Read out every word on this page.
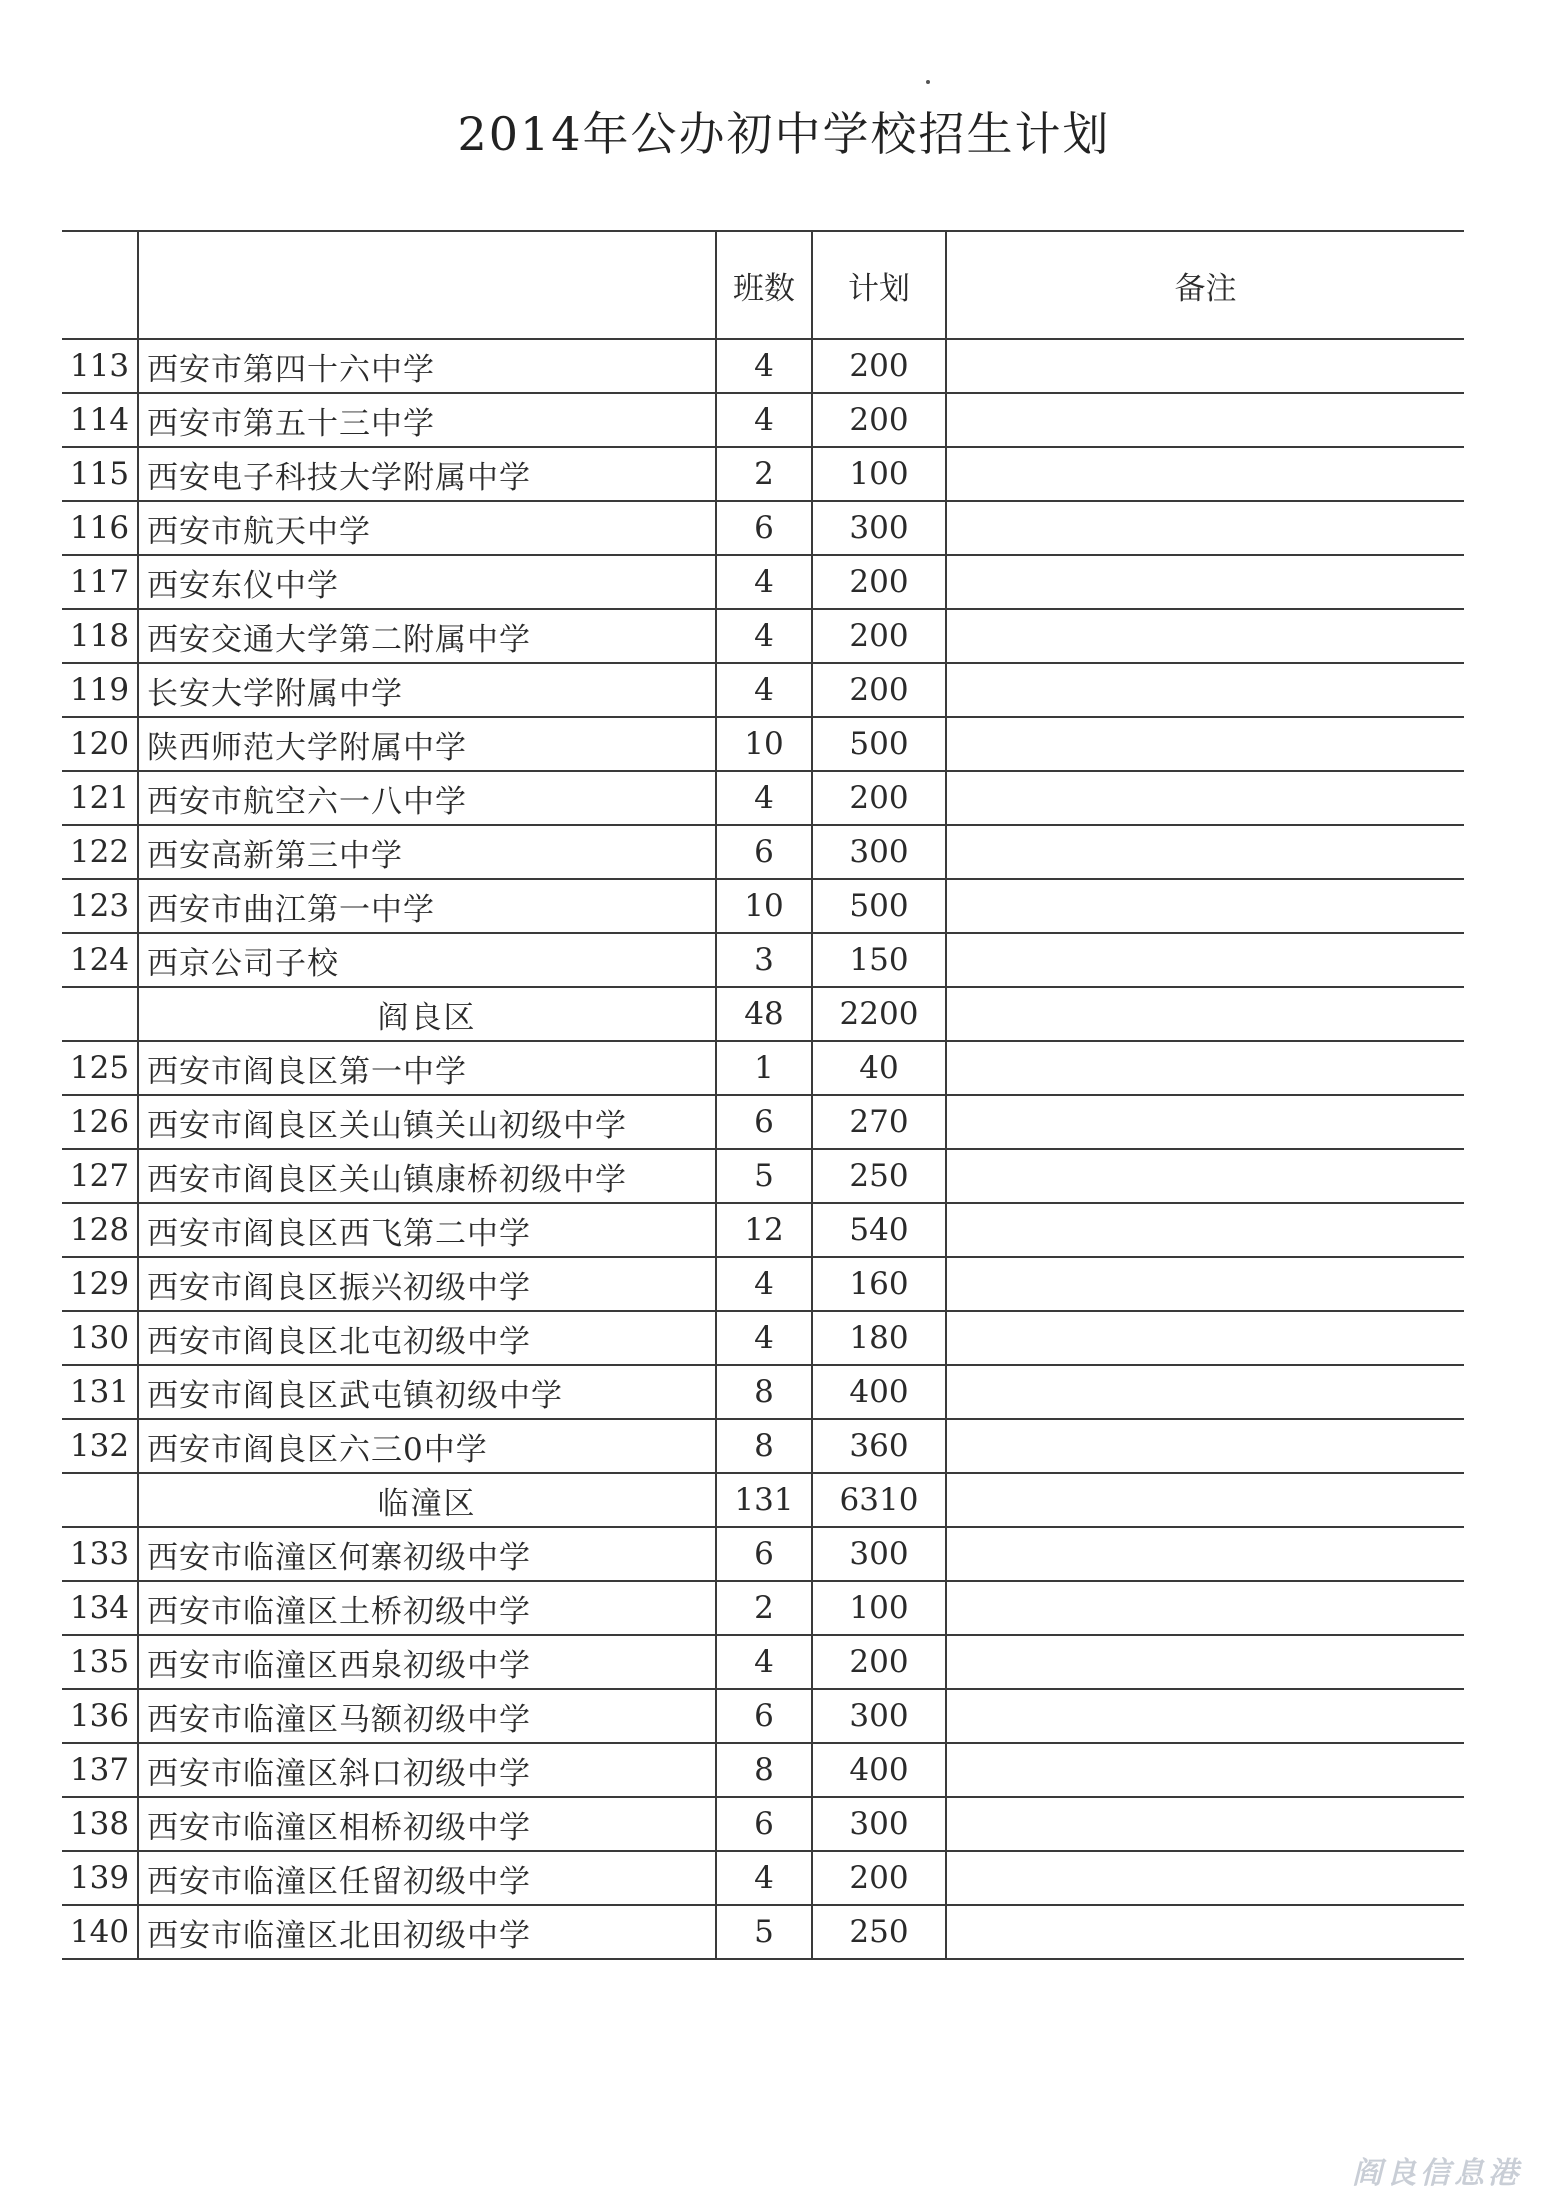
2014年公办初中学校招生计划
		班数	计划	备注
113	西安市第四十六中学	4	200	
114	西安市第五十三中学	4	200	
115	西安电子科技大学附属中学	2	100	
116	西安市航天中学	6	300	
117	西安东仪中学	4	200	
118	西安交通大学第二附属中学	4	200	
119	长安大学附属中学	4	200	
120	陕西师范大学附属中学	10	500	
121	西安市航空六一八中学	4	200	
122	西安高新第三中学	6	300	
123	西安市曲江第一中学	10	500	
124	西京公司子校	3	150	
	阎良区	48	2200	
125	西安市阎良区第一中学	1	40	
126	西安市阎良区关山镇关山初级中学	6	270	
127	西安市阎良区关山镇康桥初级中学	5	250	
128	西安市阎良区西飞第二中学	12	540	
129	西安市阎良区振兴初级中学	4	160	
130	西安市阎良区北屯初级中学	4	180	
131	西安市阎良区武屯镇初级中学	8	400	
132	西安市阎良区六三0中学	8	360	
	临潼区	131	6310	
133	西安市临潼区何寨初级中学	6	300	
134	西安市临潼区土桥初级中学	2	100	
135	西安市临潼区西泉初级中学	4	200	
136	西安市临潼区马额初级中学	6	300	
137	西安市临潼区斜口初级中学	8	400	
138	西安市临潼区相桥初级中学	6	300	
139	西安市临潼区任留初级中学	4	200	
140	西安市临潼区北田初级中学	5	250	
阎良信息港
